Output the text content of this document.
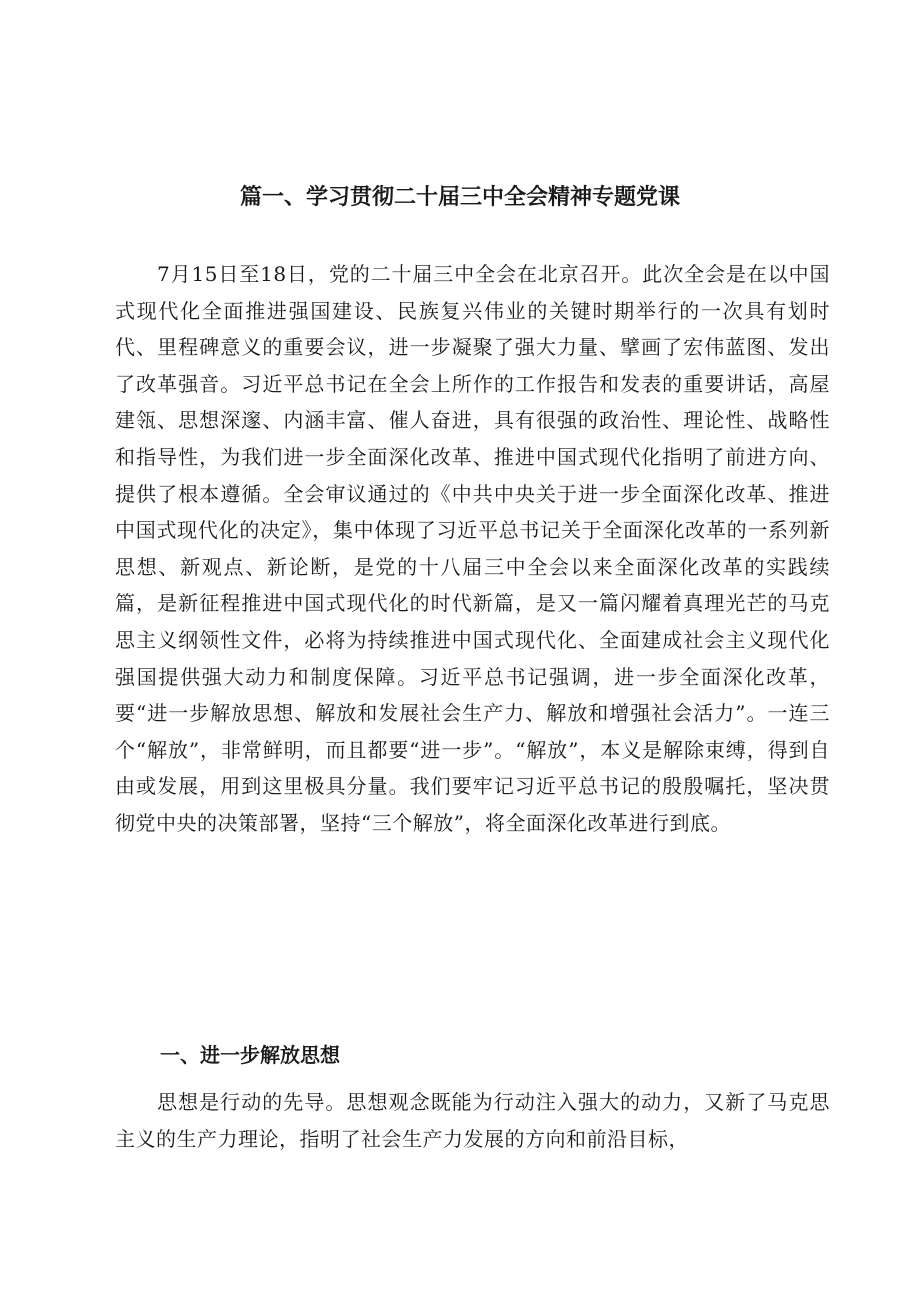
篇一、学习贯彻二十届三中全会精神专题党课

7月15日至18日，党的二十届三中全会在北京召开。此次全会是在以中国式现代化全面推进强国建设、民族复兴伟业的关键时期举行的一次具有划时代、里程碑意义的重要会议，进一步凝聚了强大力量、擘画了宏伟蓝图、发出了改革强音。习近平总书记在全会上所作的工作报告和发表的重要讲话，高屋建瓴、思想深邃、内涵丰富、催人奋进，具有很强的政治性、理论性、战略性和指导性，为我们进一步全面深化改革、推进中国式现代化指明了前进方向、提供了根本遵循。全会审议通过的《中共中央关于进一步全面深化改革、推进中国式现代化的决定》，集中体现了习近平总书记关于全面深化改革的一系列新思想、新观点、新论断，是党的十八届三中全会以来全面深化改革的实践续篇，是新征程推进中国式现代化的时代新篇，是又一篇闪耀着真理光芒的马克思主义纲领性文件，必将为持续推进中国式现代化、全面建成社会主义现代化强国提供强大动力和制度保障。习近平总书记强调，进一步全面深化改革，要“进一步解放思想、解放和发展社会生产力、解放和增强社会活力”。一连三个“解放”，非常鲜明，而且都要“进一步”。“解放”，本义是解除束缚，得到自由或发展，用到这里极具分量。我们要牢记习近平总书记的殷殷嘱托，坚决贯彻党中央的决策部署，坚持“三个解放”，将全面深化改革进行到底。

一、进一步解放思想

思想是行动的先导。思想观念既能为行动注入强大的动力，又新了马克思主义的生产力理论，指明了社会生产力发展的方向和前沿目标，
